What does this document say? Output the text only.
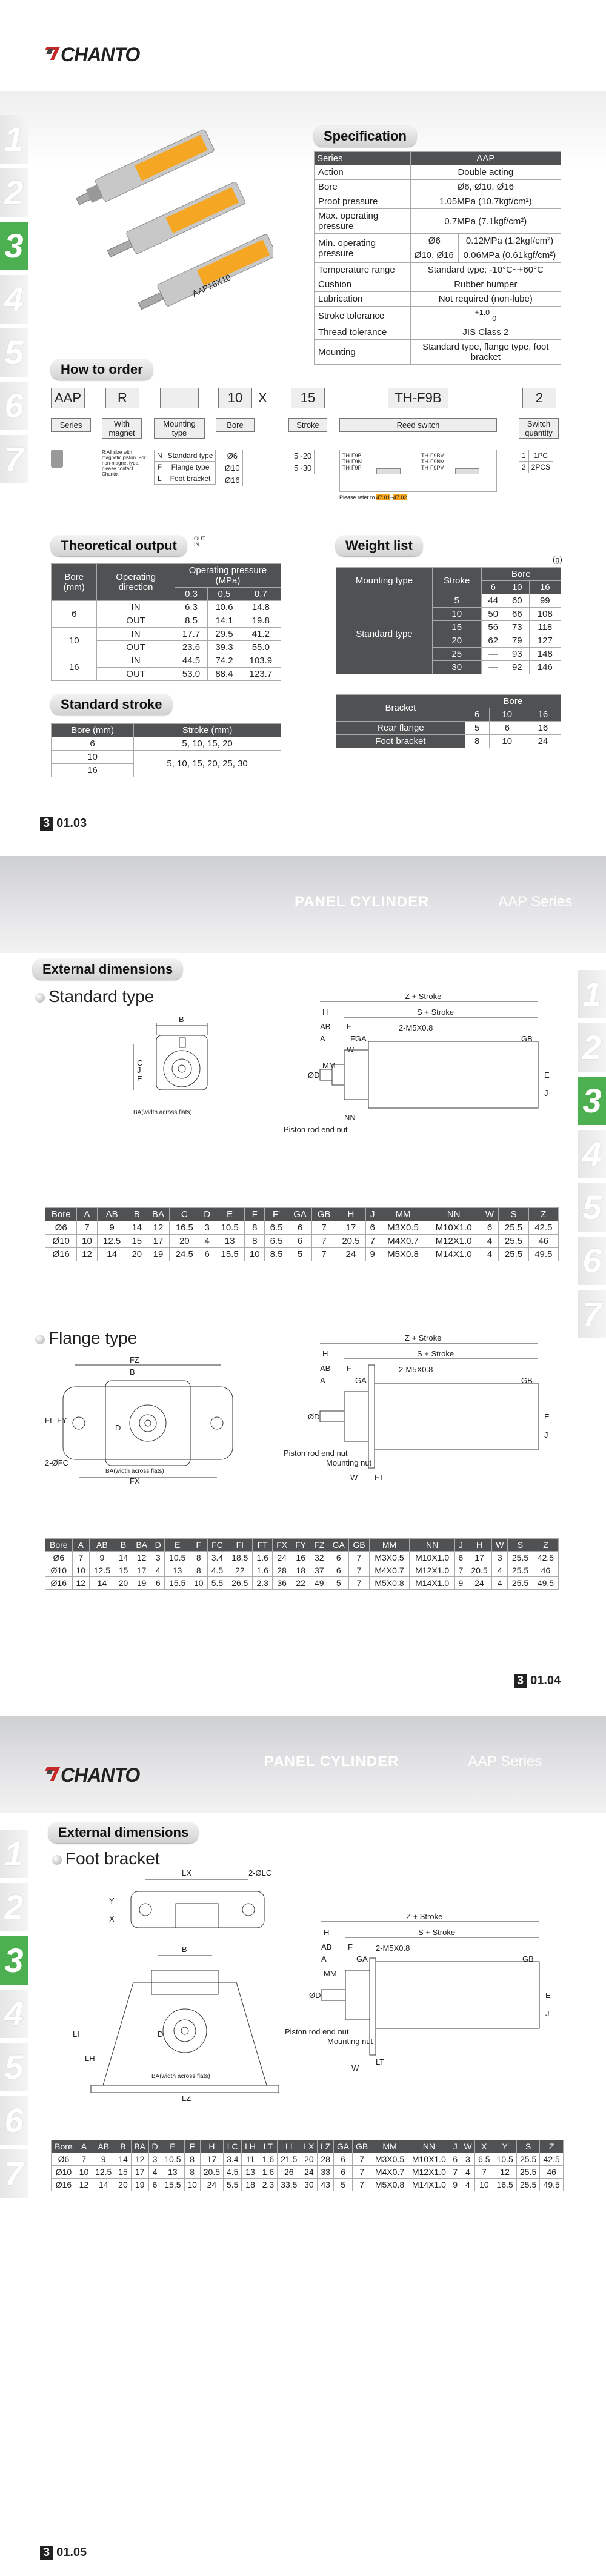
CHANTO
1
2
3
4
5
6
7
AAP16X10
Specification
Series	AAP	
Action	Double acting	
Bore	Ø6, Ø10, Ø16	
Proof pressure	1.05MPa (10.7kgf/cm²)	
Max. operating pressure	0.7MPa (7.1kgf/cm²)	
Min. operating pressure	Ø6	0.12MPa (1.2kgf/cm²)
	Ø10, Ø16	0.06MPa (0.61kgf/cm²)
Temperature range	Standard type: -10°C~+60°C	
Cushion	Rubber bumper	
Lubrication	Not required (non-lube)	
Stroke tolerance	$^{+1.0}$ $_0$
Thread tolerance	JIS Class 2	
Mounting	Standard type, flange type, foot bracket	
How to order
AAP	R	10	X	15	TH-F9B	2
Series	With magnet
Mounting type
Bore	Stroke	Reed switch	Switch quantity
R:All size with magnetic piston. For non-magnet type, please contact Chanto.
N	Standard type
F	Flange type
L	Foot bracket
Ø6
Ø10
Ø16
5~20
5~30
TH-F9B
TH-F9N
TH-F9P
TH-F9BV
TH-F9NV
TH-F9PV
Please refer to 47.01~47.02
1	1PC
2	2PCS
Theoretical output	OUT
IN
Bore (mm)	Operating direction	Operating pressure (MPa)		
		0.3	0.5	0.7
6	IN	6.3	10.6	14.8
	OUT	8.5	14.1	19.8
10	IN	17.7	29.5	41.2
	OUT	23.6	39.3	55.0
16	IN	44.5	74.2	103.9
	OUT	53.0	88.4	123.7
Standard stroke
Bore (mm)	Stroke (mm)
6	5, 10, 15, 20
10	5, 10, 15, 20, 25, 30
16	
Weight list
(g)
Mounting type	Stroke	Bore		
		6	10	16
Standard type	5	44	60	99
	10	50	66	108
	15	56	73	118
	20	62	79	127
	25	—	93	148
	30	—	92	146
Bracket	Bore		
	6	10	16
Rear flange	5	6	16
Foot bracket	8	10	24
3 01.03
PANEL CYLINDER	AAP Series
1
2
3
4
5
6
7
External dimensions
Standard type
B
C
E
J
BA(width across flats)
Z + Stroke
S + Stroke
H
AB F
A	F'
GA
2-M5X0.8
GB
W
MM
ØD	E
J
NN
Piston rod end nut
Bore	A	AB	B	BA	C	D	E	F	F'	GA	GB	H	J	MM	NN	W	S	Z
Ø6	7	9	14	12	16.5	3	10.5	8	6.5	6	7	17	6	M3X0.5	M10X1.0	6	25.5	42.5
Ø10	10	12.5	15	17	20	4	13	8	6.5	6	7	20.5	7	M4X0.7	M12X1.0	4	25.5	46
Ø16	12	14	20	19	24.5	6	15.5	10	8.5	5	7	24	9	M5X0.8	M14X1.0	4	25.5	49.5
Flange type
FZ
B
FI FY
D
2-ØFC
BA(width across flats)
FX
Z + Stroke
S + Stroke
H
AB F
A	GA
2-M5X0.8
GB
ØD	E
J
Piston rod end nut
Mounting nut
W FT
Bore	A	AB	B	BA	D	E	F	FC	FI	FT	FX	FY	FZ	GA	GB	MM	NN	J	H	W	S	Z
Ø6	7	9	14	12	3	10.5	8	3.4	18.5	1.6	24	16	32	6	7	M3X0.5	M10X1.0	6	17	3	25.5	42.5
Ø10	10	12.5	15	17	4	13	8	4.5	22	1.6	28	18	37	6	7	M4X0.7	M12X1.0	7	20.5	4	25.5	46
Ø16	12	14	20	19	6	15.5	10	5.5	26.5	2.3	36	22	49	5	7	M5X0.8	M14X1.0	9	24	4	25.5	49.5
3 01.04
PANEL CYLINDER	AAP Series
CHANTO
1
2
3
4
5
6
7
External dimensions
Foot bracket
LX	2-ØLC
Y
X
B
LI
LH
D
BA(width across flats)
LZ
Z + Stroke
S + Stroke
H
AB F
A	GA
2-M5X0.8
GB
MM
ØD	E
J
Piston rod end nut
Mounting nut
W
LT
Bore	A	AB	B	BA	D	E	F	H	LC	LH	LT	LI	LX	LZ	GA	GB	MM	NN	J	W	X	Y	S	Z
Ø6	7	9	14	12	3	10.5	8	17	3.4	11	1.6	21.5	20	28	6	7	M3X0.5	M10X1.0	6	3	6.5	10.5	25.5	42.5
Ø10	10	12.5	15	17	4	13	8	20.5	4.5	13	1.6	26	24	33	6	7	M4X0.7	M12X1.0	7	4	7	12	25.5	46
Ø16	12	14	20	19	6	15.5	10	24	5.5	18	2.3	33.5	30	43	5	7	M5X0.8	M14X1.0	9	4	10	16.5	25.5	49.5
3 01.05
